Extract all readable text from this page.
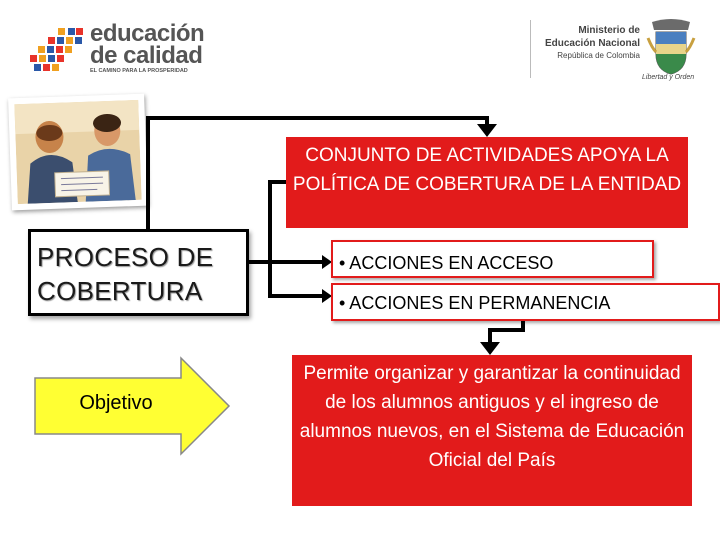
educación
de calidad
EL CAMINO PARA LA PROSPERIDAD
Ministerio de
Educación Nacional
República de Colombia
Libertad y Orden
PROCESO DE COBERTURA
Objetivo
CONJUNTO DE ACTIVIDADES APOYA LA POLÍTICA DE COBERTURA DE LA ENTIDAD
• ACCIONES EN ACCESO
• ACCIONES EN PERMANENCIA
Permite organizar y garantizar la continuidad de los alumnos antiguos y el ingreso de alumnos nuevos, en el Sistema de Educación Oficial del País
